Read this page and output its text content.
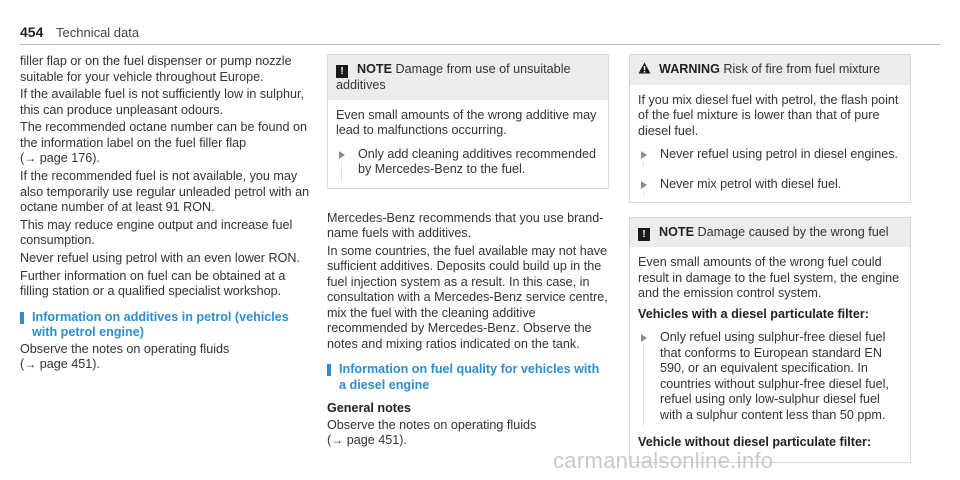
454 Technical data

filler flap or on the fuel dispenser or pump nozzle suitable for your vehicle throughout Europe.

If the available fuel is not sufficiently low in sulphur, this can produce unpleasant odours.

The recommended octane number can be found on the information label on the fuel filler flap
(→ page 176).

If the recommended fuel is not available, you may also temporarily use regular unleaded petrol with an octane number of at least 91 RON.

This may reduce engine output and increase fuel consumption.

Never refuel using petrol with an even lower RON.

Further information on fuel can be obtained at a filling station or a qualified specialist workshop.

Information on additives in petrol (vehicles with petrol engine)

Observe the notes on operating fluids
(→ page 451).

! NOTE Damage from use of unsuitable additives

Even small amounts of the wrong additive may lead to malfunctions occurring.

Only add cleaning additives recommended by Mercedes-Benz to the fuel.

Mercedes-Benz recommends that you use brand-name fuels with additives.

In some countries, the fuel available may not have sufficient additives. Deposits could build up in the fuel injection system as a result. In this case, in consultation with a Mercedes-Benz service centre, mix the fuel with the cleaning additive recommended by Mercedes-Benz. Observe the notes and mixing ratios indicated on the tank.

Information on fuel quality for vehicles with a diesel engine
General notes

Observe the notes on operating fluids
(→ page 451).

WARNING Risk of fire from fuel mixture

If you mix diesel fuel with petrol, the flash point of the fuel mixture is lower than that of pure diesel fuel.

Never refuel using petrol in diesel engines.
Never mix petrol with diesel fuel.
! NOTE Damage caused by the wrong fuel

Even small amounts of the wrong fuel could result in damage to the fuel system, the engine and the emission control system.

Vehicles with a diesel particulate filter:
Only refuel using sulphur-free diesel fuel that conforms to European standard EN 590, or an equivalent specification. In countries without sulphur-free diesel fuel, refuel using only low-sulphur diesel fuel with a sulphur content less than 50 ppm.
Vehicle without diesel particulate filter:
carmanualsonline.info
